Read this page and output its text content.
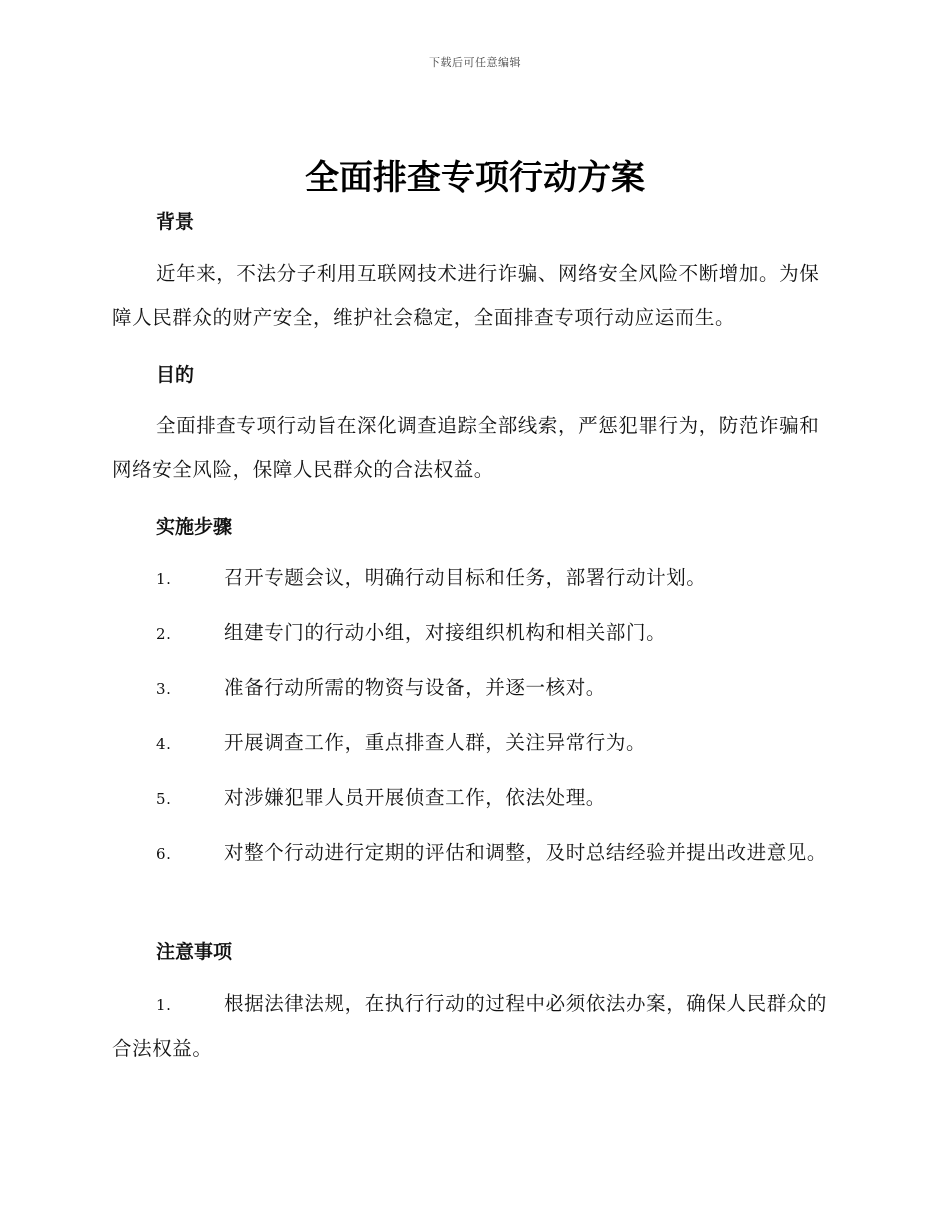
下载后可任意编辑
全面排查专项行动方案
背景
近年来，不法分子利用互联网技术进行诈骗、网络安全风险不断增加。为保障人民群众的财产安全，维护社会稳定，全面排查专项行动应运而生。
目的
全面排查专项行动旨在深化调查追踪全部线索，严惩犯罪行为，防范诈骗和网络安全风险，保障人民群众的合法权益。
实施步骤
1.	召开专题会议，明确行动目标和任务，部署行动计划。
2.	组建专门的行动小组，对接组织机构和相关部门。
3.	准备行动所需的物资与设备，并逐一核对。
4.	开展调查工作，重点排查人群，关注异常行为。
5.	对涉嫌犯罪人员开展侦查工作，依法处理。
6.	对整个行动进行定期的评估和调整，及时总结经验并提出改进意见。
注意事项
1.	根据法律法规，在执行行动的过程中必须依法办案，确保人民群众的合法权益。
